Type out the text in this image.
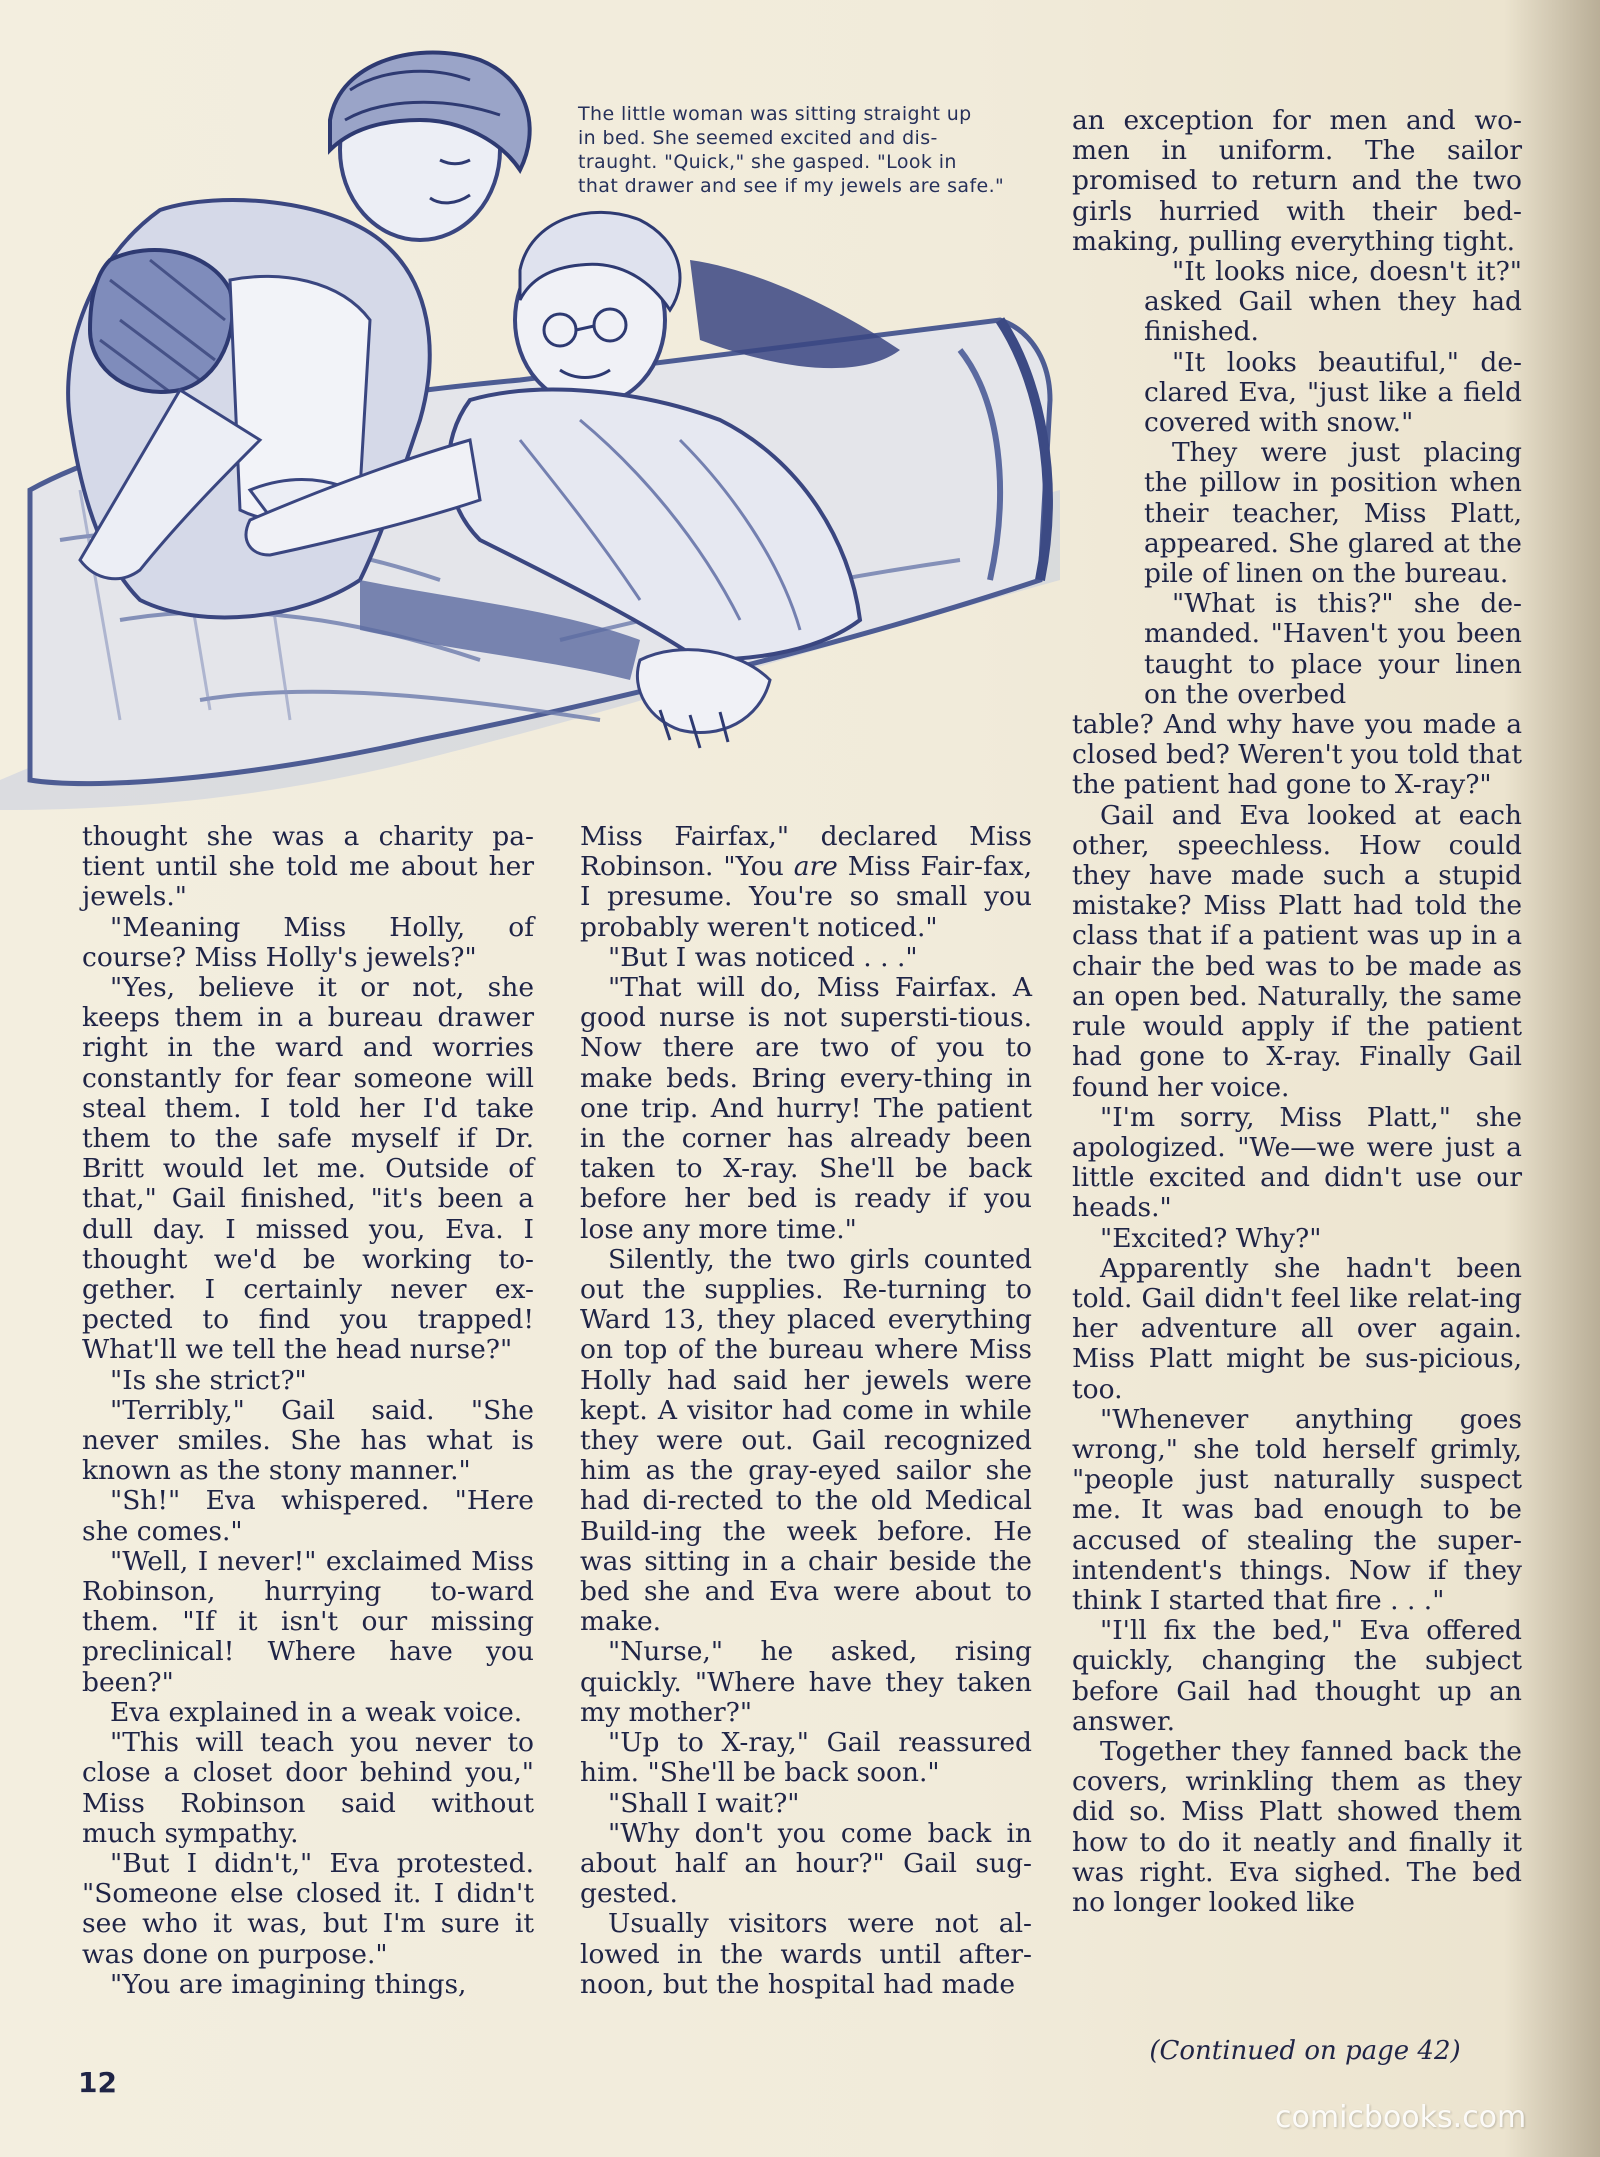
The little woman was sitting straight up

in bed. She seemed excited and dis-

traught. "Quick," she gasped. "Look in

that drawer and see if my jewels are safe."

thought she was a charity pa-tient until she told me about her jewels."

"Meaning Miss Holly, of course? Miss Holly's jewels?"

"Yes, believe it or not, she keeps them in a bureau drawer right in the ward and worries constantly for fear someone will steal them. I told her I'd take them to the safe myself if Dr. Britt would let me. Outside of that," Gail finished, "it's been a dull day. I missed you, Eva. I thought we'd be working to-gether. I certainly never ex-pected to find you trapped! What'll we tell the head nurse?"

"Is she strict?"

"Terribly," Gail said. "She never smiles. She has what is known as the stony manner."

"Sh!" Eva whispered. "Here she comes."

"Well, I never!" exclaimed Miss Robinson, hurrying to-ward them. "If it isn't our missing preclinical! Where have you been?"

Eva explained in a weak voice.

"This will teach you never to close a closet door behind you," Miss Robinson said without much sympathy.

"But I didn't," Eva protested. "Someone else closed it. I didn't see who it was, but I'm sure it was done on purpose."

"You are imagining things,

Miss Fairfax," declared Miss Robinson. "You are Miss Fair-fax, I presume. You're so small you probably weren't noticed."

"But I was noticed . . ."

"That will do, Miss Fairfax. A good nurse is not supersti-tious. Now there are two of you to make beds. Bring every-thing in one trip. And hurry! The patient in the corner has already been taken to X-ray. She'll be back before her bed is ready if you lose any more time."

Silently, the two girls counted out the supplies. Re-turning to Ward 13, they placed everything on top of the bureau where Miss Holly had said her jewels were kept. A visitor had come in while they were out. Gail recognized him as the gray-eyed sailor she had di-rected to the old Medical Build-ing the week before. He was sitting in a chair beside the bed she and Eva were about to make.

"Nurse," he asked, rising quickly. "Where have they taken my mother?"

"Up to X-ray," Gail reassured him. "She'll be back soon."

"Shall I wait?"

"Why don't you come back in about half an hour?" Gail sug-gested.

Usually visitors were not al-lowed in the wards until after-noon, but the hospital had made

an exception for men and wo-men in uniform. The sailor promised to return and the two girls hurried with their bed-making, pulling everything tight.

"It looks nice, doesn't it?" asked Gail when they had finished.

"It looks beautiful," de-clared Eva, "just like a field covered with snow."

They were just placing the pillow in position when their teacher, Miss Platt, appeared. She glared at the pile of linen on the bureau.

"What is this?" she de-manded. "Haven't you been taught to place your linen on the overbed

table? And why have you made a closed bed? Weren't you told that the patient had gone to X-ray?"

Gail and Eva looked at each other, speechless. How could they have made such a stupid mistake? Miss Platt had told the class that if a patient was up in a chair the bed was to be made as an open bed. Naturally, the same rule would apply if the patient had gone to X-ray. Finally Gail found her voice.

"I'm sorry, Miss Platt," she apologized. "We—we were just a little excited and didn't use our heads."

"Excited? Why?"

Apparently she hadn't been told. Gail didn't feel like relat-ing her adventure all over again. Miss Platt might be sus-picious, too.

"Whenever anything goes wrong," she told herself grimly, "people just naturally suspect me. It was bad enough to be accused of stealing the super-intendent's things. Now if they think I started that fire . . ."

"I'll fix the bed," Eva offered quickly, changing the subject before Gail had thought up an answer.

Together they fanned back the covers, wrinkling them as they did so. Miss Platt showed them how to do it neatly and finally it was right. Eva sighed. The bed no longer looked like

(Continued on page 42)
12
comicbooks.com
